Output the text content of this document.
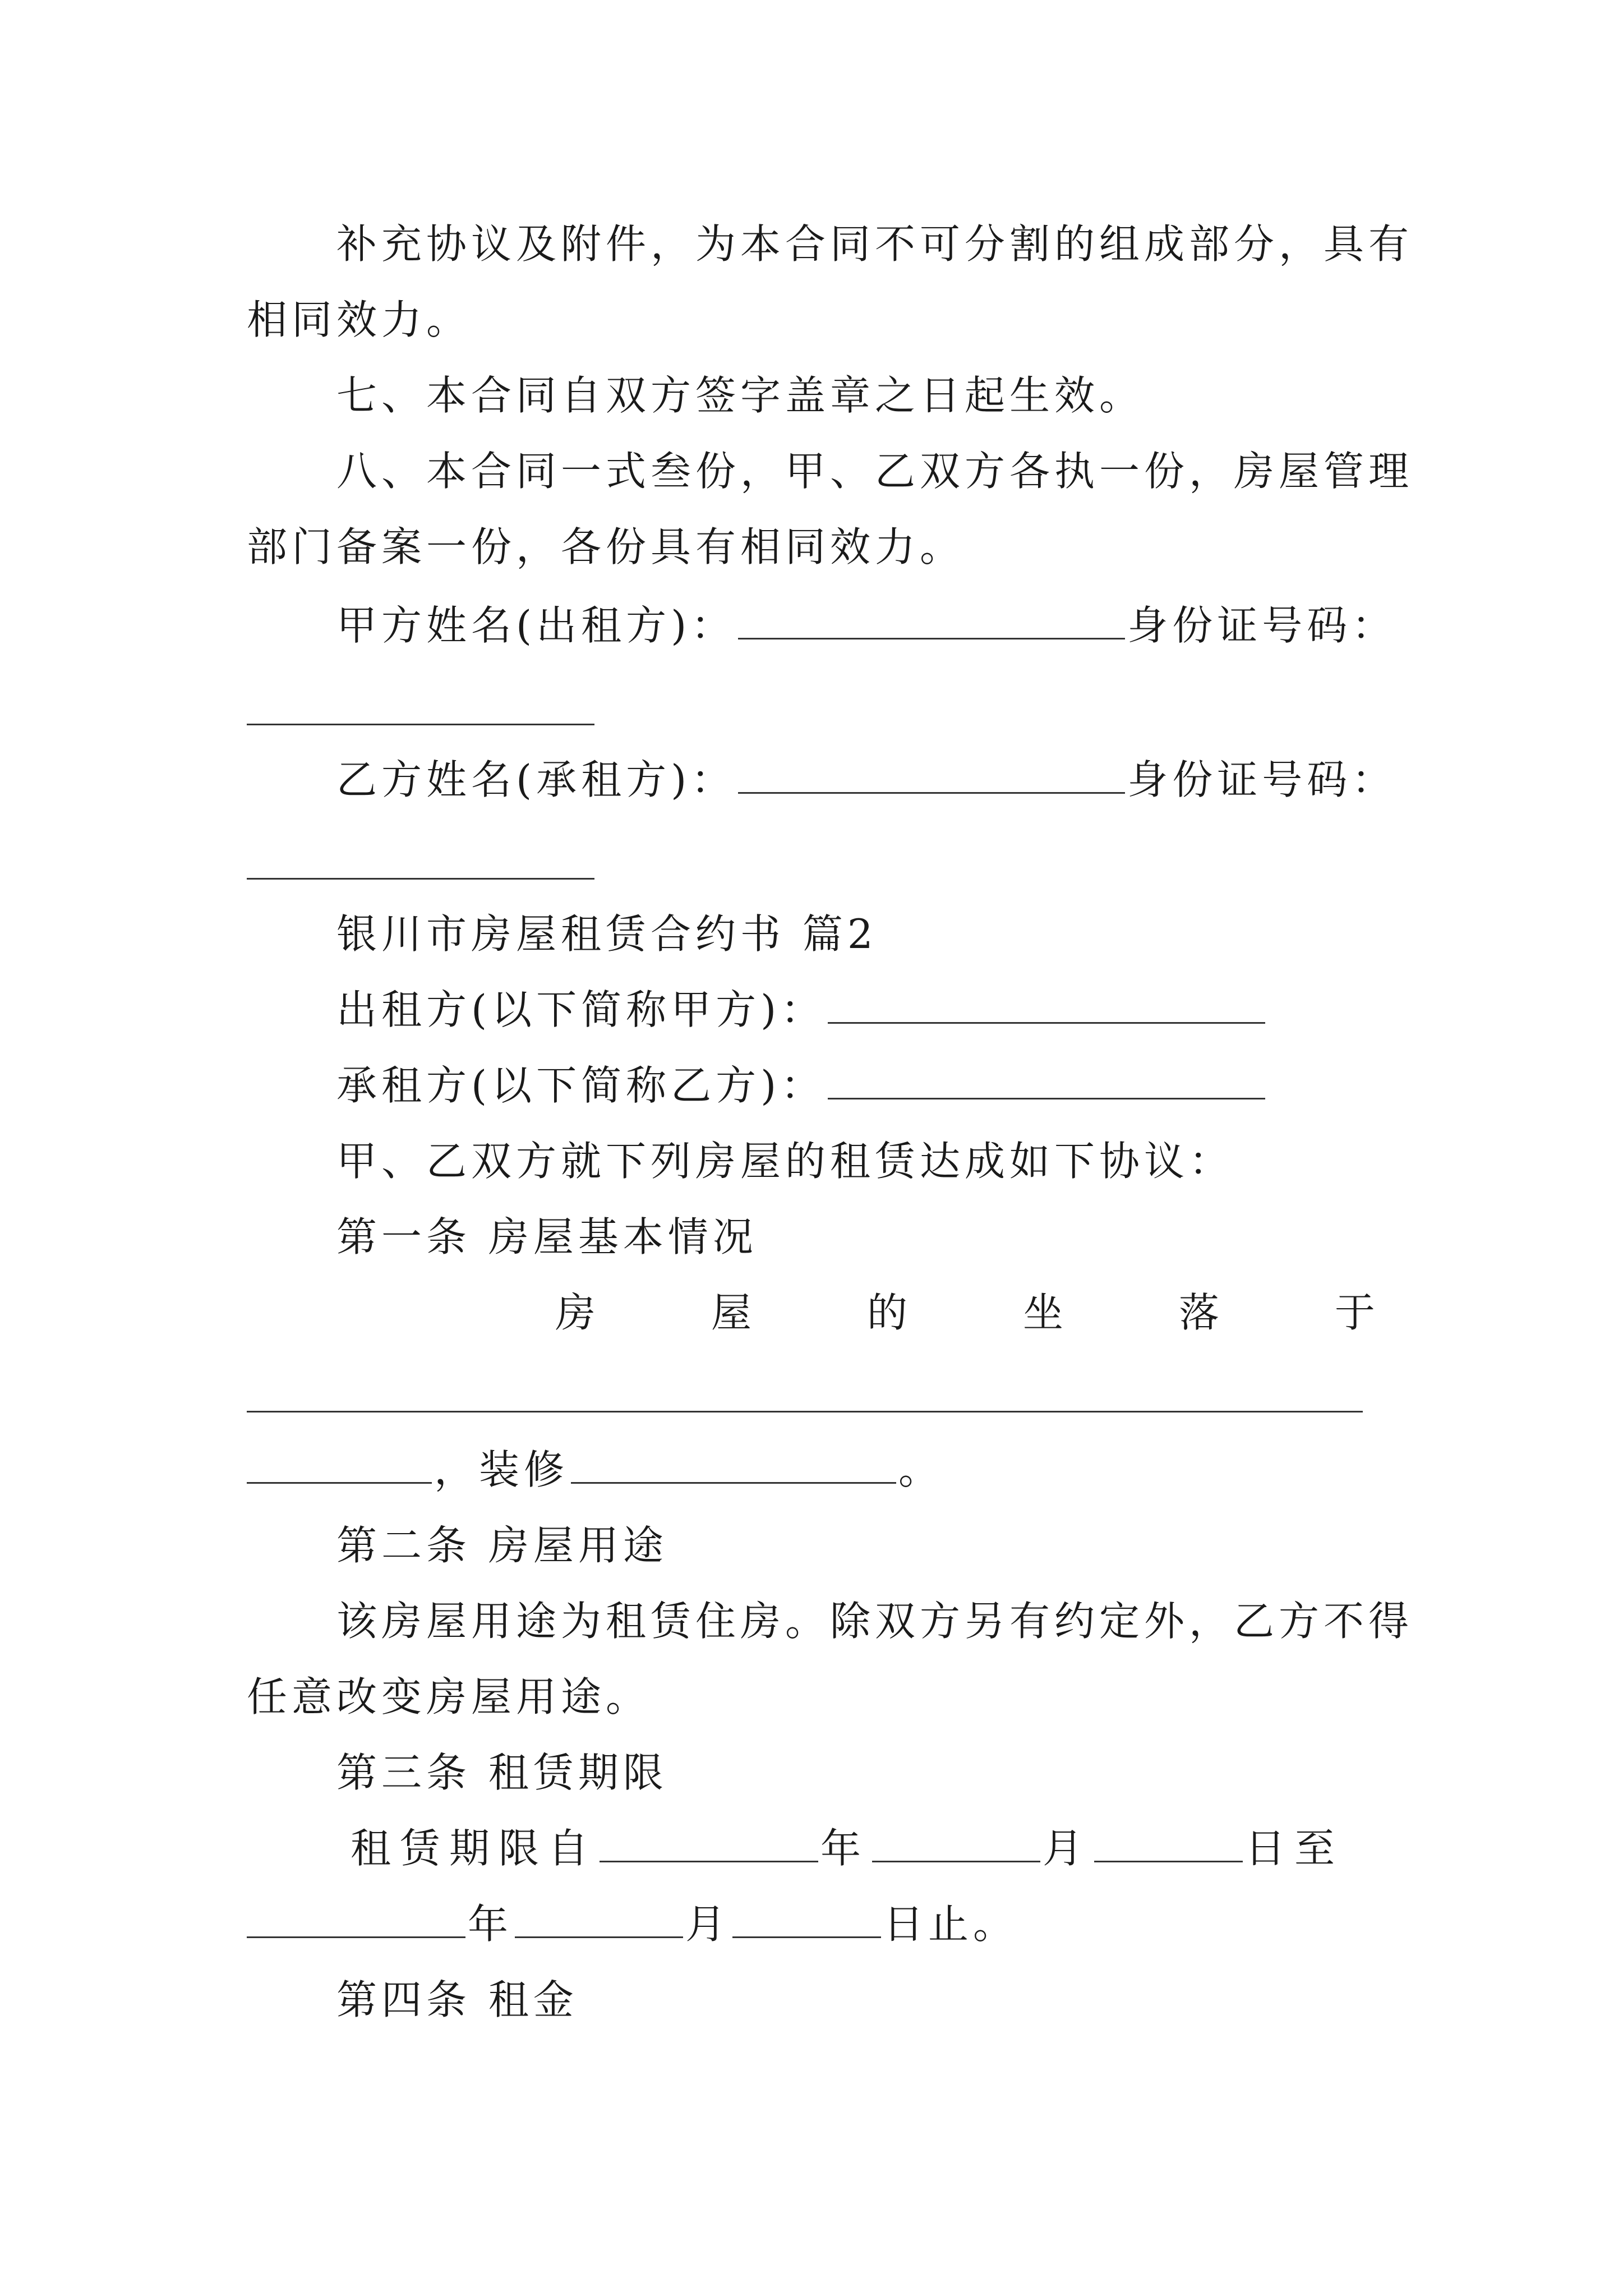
补充协议及附件，为本合同不可分割的组成部分，具有
相同效力。
七、本合同自双方签字盖章之日起生效。
八、本合同一式叁份，甲、乙双方各执一份，房屋管理
部门备案一份，各份具有相同效力。
甲方姓名(出租方)：	身份证号码：
乙方姓名(承租方)：	身份证号码：
银川市房屋租赁合约书 篇2
出租方(以下简称甲方)：
承租方(以下简称乙方)：
甲、乙双方就下列房屋的租赁达成如下协议：
第一条 房屋基本情况
房	屋	的	坐	落	于
，装修	。
第二条 房屋用途
该房屋用途为租赁住房。除双方另有约定外，乙方不得
任意改变房屋用途。
第三条 租赁期限
租赁期限自	年	月	日至
年	月	日止。
第四条 租金
